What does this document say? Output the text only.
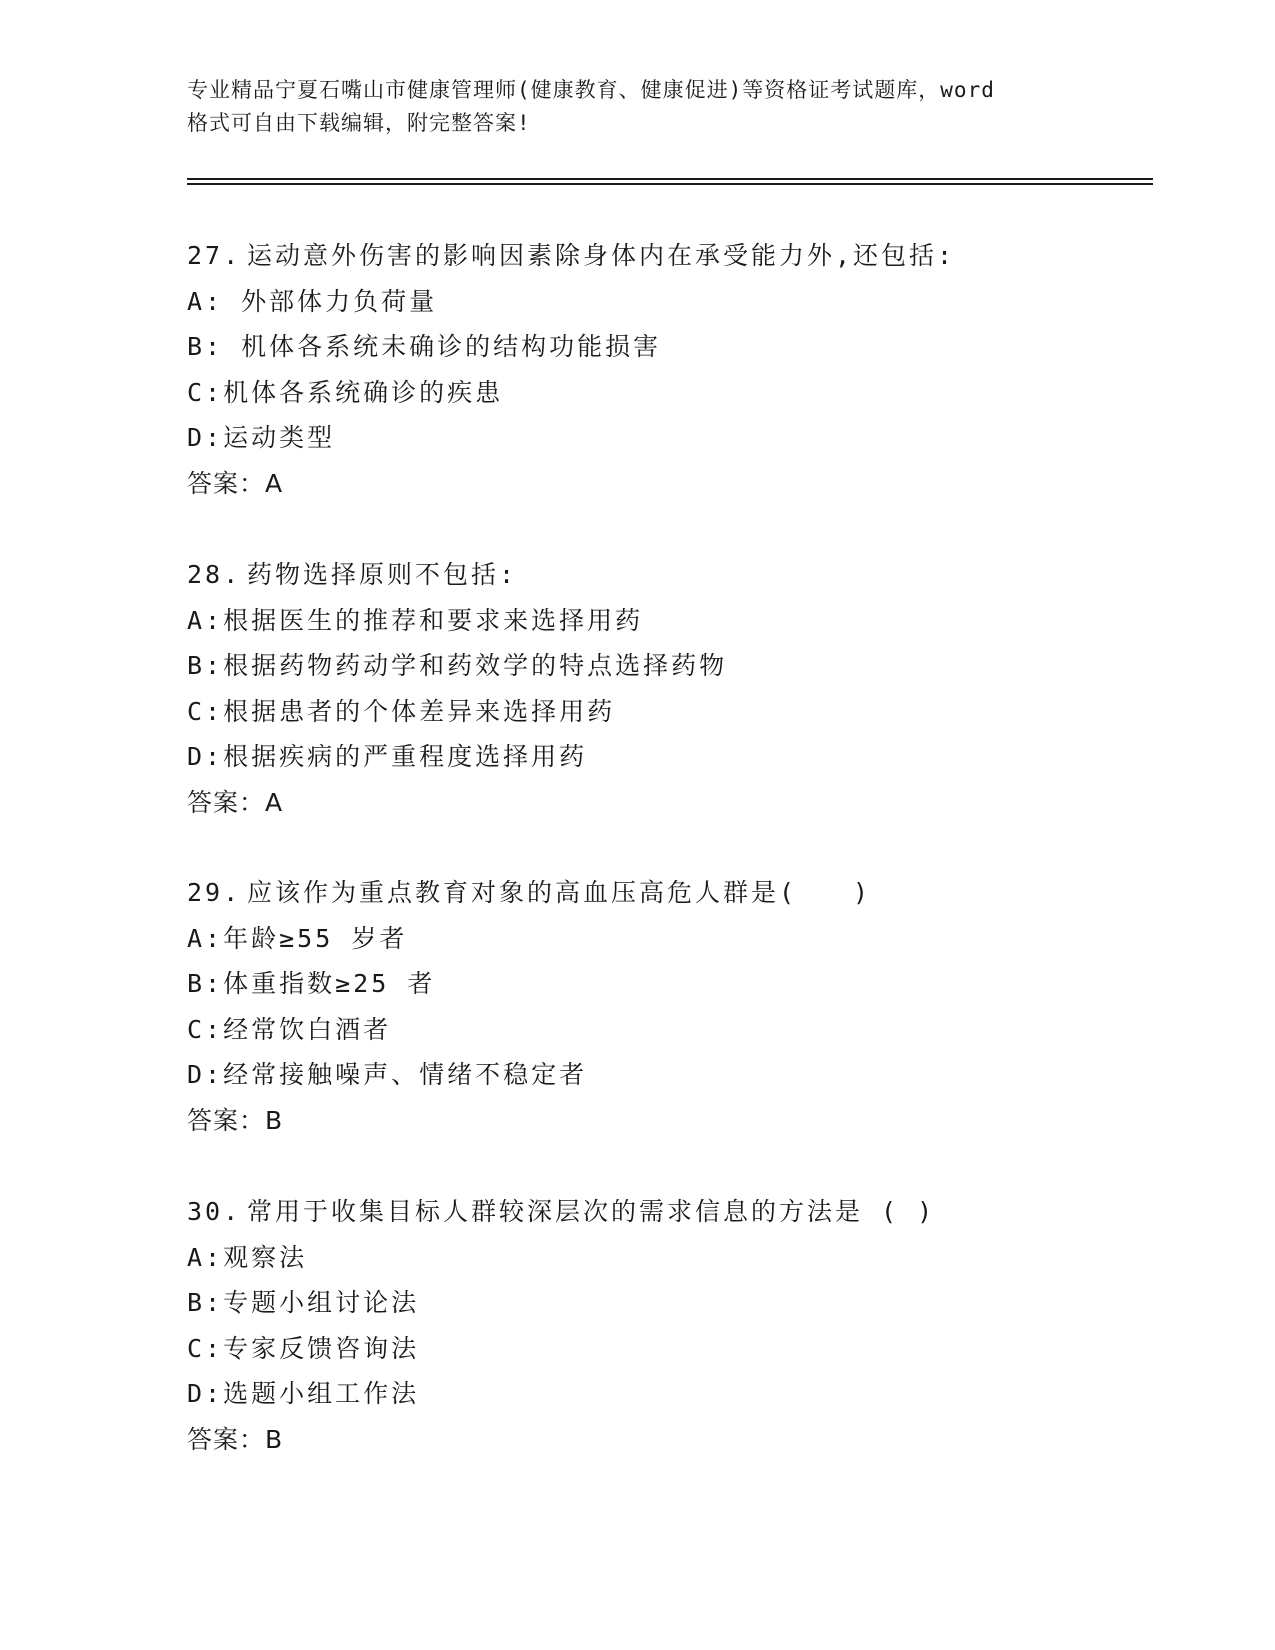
专业精品宁夏石嘴山市健康管理师(健康教育、健康促进)等资格证考试题库，word
格式可自由下载编辑，附完整答案!
27. 运动意外伤害的影响因素除身体内在承受能力外,还包括:
A: 外部体力负荷量
B: 机体各系统未确诊的结构功能损害
C:机体各系统确诊的疾患
D:运动类型
答案：A
28. 药物选择原则不包括:
A:根据医生的推荐和要求来选择用药
B:根据药物药动学和药效学的特点选择药物
C:根据患者的个体差异来选择用药
D:根据疾病的严重程度选择用药
答案：A
29. 应该作为重点教育对象的高血压高危人群是(　　)
A:年龄≥55 岁者
B:体重指数≥25 者
C:经常饮白酒者
D:经常接触噪声、情绪不稳定者
答案：B
30. 常用于收集目标人群较深层次的需求信息的方法是 ( )
A:观察法
B:专题小组讨论法
C:专家反馈咨询法
D:选题小组工作法
答案：B
